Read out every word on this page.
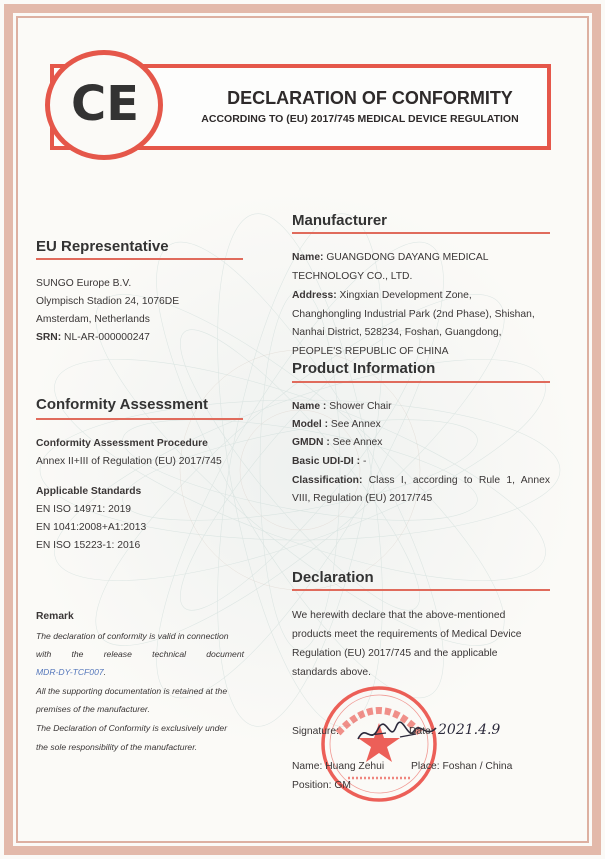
CE	DECLARATION OF CONFORMITY
ACCORDING TO (EU) 2017/745 MEDICAL DEVICE REGULATION
EU Representative
SUNGO Europe B.V.
Olympisch Stadion 24, 1076DE
Amsterdam, Netherlands
SRN: NL-AR-000000247
Conformity Assessment
Conformity Assessment Procedure
Annex II+III of Regulation (EU) 2017/745
Applicable Standards
EN ISO 14971: 2019
EN 1041:2008+A1:2013
EN ISO 15223-1: 2016
Remark
The declaration of conformity is valid in connection
with the release technical document
MDR-DY-TCF007.
All the supporting documentation is retained at the
premises of the manufacturer.
The Declaration of Conformity is exclusively under
the sole responsibility of the manufacturer.
Manufacturer
Name: GUANGDONG DAYANG MEDICAL
TECHNOLOGY CO., LTD.
Address: Xingxian Development Zone,
Changhongling Industrial Park (2nd Phase), Shishan,
Nanhai District, 528234, Foshan, Guangdong,
PEOPLE'S REPUBLIC OF CHINA
Product Information
Name : Shower Chair
Model : See Annex
GMDN : See Annex
Basic UDI-DI : -
Classification: Class I, according to Rule 1, Annex
VIII, Regulation (EU) 2017/745
Declaration
We herewith declare that the above-mentioned
products meet the requirements of Medical Device
Regulation (EU) 2017/745 and the applicable
standards above.
Signature:	Date: 2021.4.9
Name: Huang Zehui	Place: Foshan / China
Position: GM
